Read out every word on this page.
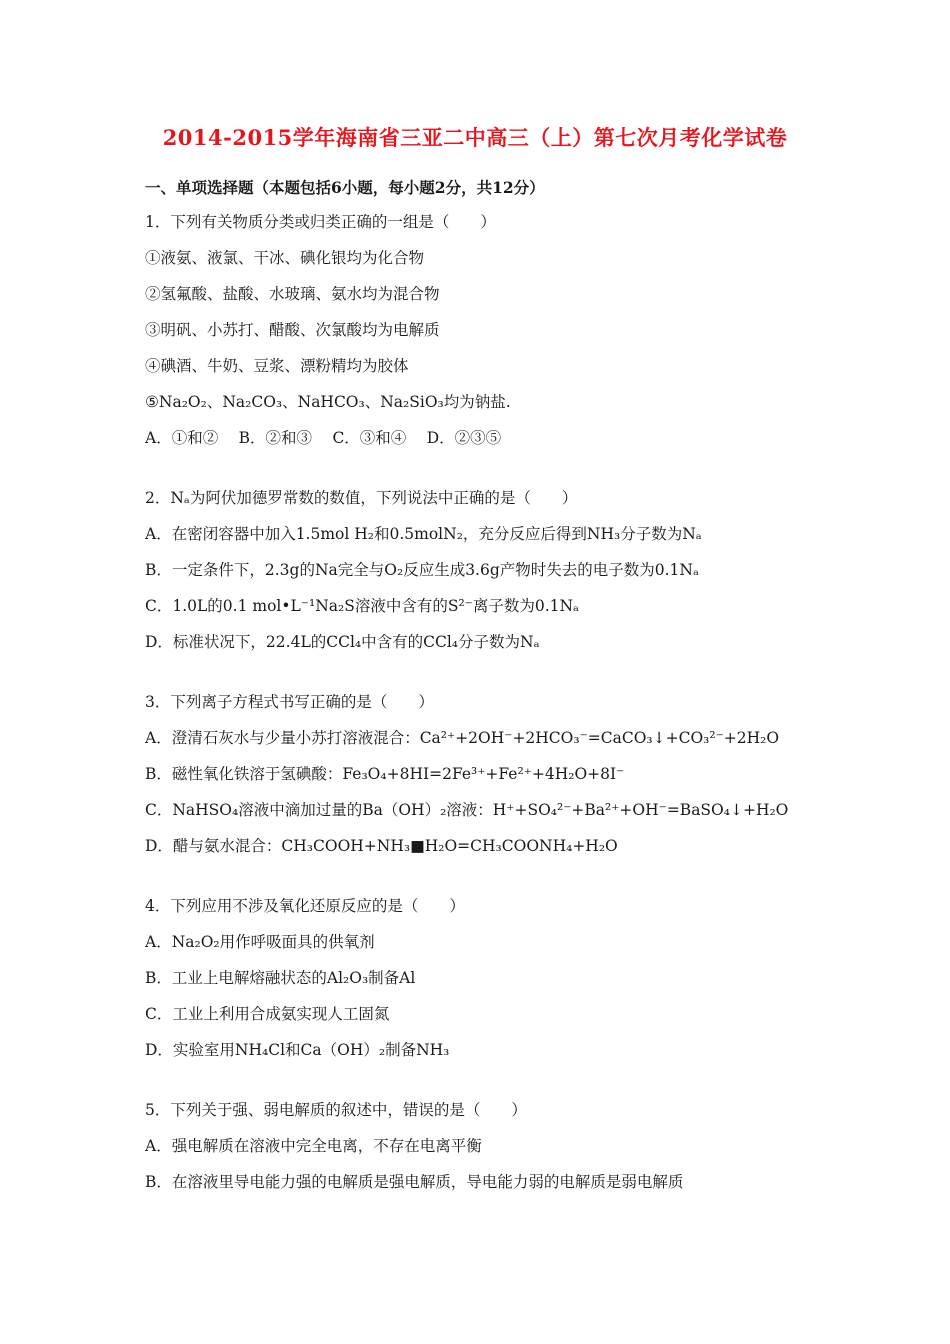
2014-2015学年海南省三亚二中高三（上）第七次月考化学试卷
一、单项选择题（本题包括6小题，每小题2分，共12分）
1．下列有关物质分类或归类正确的一组是（　　）
①液氨、液氯、干冰、碘化银均为化合物
②氢氟酸、盐酸、水玻璃、氨水均为混合物
③明矾、小苏打、醋酸、次氯酸均为电解质
④碘酒、牛奶、豆浆、漂粉精均为胶体
⑤Na₂O₂、Na₂CO₃、NaHCO₃、Na₂SiO₃均为钠盐.
A．①和②　 B．②和③　 C．③和④　 D．②③⑤
2．Nₐ为阿伏加德罗常数的数值，下列说法中正确的是（　　）
A．在密闭容器中加入1.5mol H₂和0.5molN₂，充分反应后得到NH₃分子数为Nₐ
B．一定条件下，2.3g的Na完全与O₂反应生成3.6g产物时失去的电子数为0.1Nₐ
C．1.0L的0.1 mol•L⁻¹Na₂S溶液中含有的S²⁻离子数为0.1Nₐ
D．标准状况下，22.4L的CCl₄中含有的CCl₄分子数为Nₐ
3．下列离子方程式书写正确的是（　　）
A．澄清石灰水与少量小苏打溶液混合：Ca²⁺+2OH⁻+2HCO₃⁻=CaCO₃↓+CO₃²⁻+2H₂O
B．磁性氧化铁溶于氢碘酸：Fe₃O₄+8HI=2Fe³⁺+Fe²⁺+4H₂O+8I⁻
C．NaHSO₄溶液中滴加过量的Ba（OH）₂溶液：H⁺+SO₄²⁻+Ba²⁺+OH⁻=BaSO₄↓+H₂O
D．醋与氨水混合：CH₃COOH+NH₃■H₂O=CH₃COONH₄+H₂O
4．下列应用不涉及氧化还原反应的是（　　）
A．Na₂O₂用作呼吸面具的供氧剂
B．工业上电解熔融状态的Al₂O₃制备Al
C．工业上利用合成氨实现人工固氮
D．实验室用NH₄Cl和Ca（OH）₂制备NH₃
5．下列关于强、弱电解质的叙述中，错误的是（　　）
A．强电解质在溶液中完全电离，不存在电离平衡
B．在溶液里导电能力强的电解质是强电解质，导电能力弱的电解质是弱电解质
